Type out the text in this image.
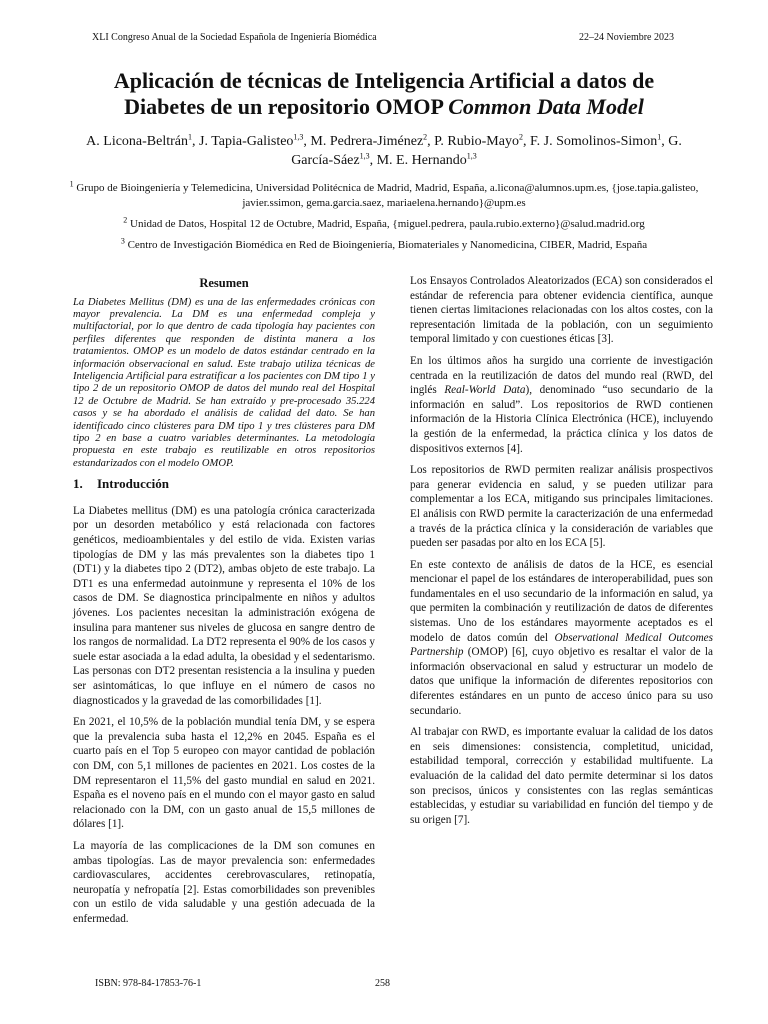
XLI Congreso Anual de la Sociedad Española de Ingeniería Biomédica	22–24 Noviembre 2023
Aplicación de técnicas de Inteligencia Artificial a datos de
Diabetes de un repositorio OMOP Common Data Model
A. Licona-Beltrán$^1$, J. Tapia-Galisteo$^{1,3}$, M. Pedrera-Jiménez$^2$, P. Rubio-Mayo$^2$, F. J. Somolinos-Simon$^1$, G. García-Sáez$^{1,3}$, M. E. Hernando$^{1,3}$

$^1$ Grupo de Bioingeniería y Telemedicina, Universidad Politécnica de Madrid, Madrid, España, a.licona@alumnos.upm.es, {jose.tapia.galisteo, javier.ssimon, gema.garcia.saez, mariaelena.hernando}@upm.es

$^2$ Unidad de Datos, Hospital 12 de Octubre, Madrid, España, {miguel.pedrera, paula.rubio.externo}@salud.madrid.org

$^3$ Centro de Investigación Biomédica en Red de Bioingeniería, Biomateriales y Nanomedicina, CIBER, Madrid, España

Resumen

La Diabetes Mellitus (DM) es una de las enfermedades crónicas con mayor prevalencia. La DM es una enfermedad compleja y multifactorial, por lo que dentro de cada tipología hay pacientes con perfiles diferentes que responden de distinta manera a los tratamientos. OMOP es un modelo de datos estándar centrado en la información observacional en salud. Este trabajo utiliza técnicas de Inteligencia Artificial para estratificar a los pacientes con DM tipo 1 y tipo 2 de un repositorio OMOP de datos del mundo real del Hospital 12 de Octubre de Madrid. Se han extraído y pre-procesado 35.224 casos y se ha abordado el análisis de calidad del dato. Se han identificado cinco clústeres para DM tipo 1 y tres clústeres para DM tipo 2 en base a cuatro variables determinantes. La metodología propuesta en este trabajo es reutilizable en otros repositorios estandarizados con el modelo OMOP.

1. Introducción

La Diabetes mellitus (DM) es una patología crónica caracterizada por un desorden metabólico y está relacionada con factores genéticos, medioambientales y del estilo de vida. Existen varias tipologías de DM y las más prevalentes son la diabetes tipo 1 (DT1) y la diabetes tipo 2 (DT2), ambas objeto de este trabajo. La DT1 es una enfermedad autoinmune y representa el 10% de los casos de DM. Se diagnostica principalmente en niños y adultos jóvenes. Los pacientes necesitan la administración exógena de insulina para mantener sus niveles de glucosa en sangre dentro de los rangos de normalidad. La DT2 representa el 90% de los casos y suele estar asociada a la edad adulta, la obesidad y el sedentarismo. Las personas con DT2 presentan resistencia a la insulina y pueden ser asintomáticas, lo que influye en el número de casos no diagnosticados y la gravedad de las comorbilidades [1].

En 2021, el 10,5% de la población mundial tenía DM, y se espera que la prevalencia suba hasta el 12,2% en 2045. España es el cuarto país en el Top 5 europeo con mayor cantidad de población con DM, con 5,1 millones de pacientes en 2021. Los costes de la DM representaron el 11,5% del gasto mundial en salud en 2021. España es el noveno país en el mundo con el mayor gasto en salud relacionado con la DM, con un gasto anual de 15,5 millones de dólares [1].

La mayoría de las complicaciones de la DM son comunes en ambas tipologías. Las de mayor prevalencia son: enfermedades cardiovasculares, accidentes cerebrovasculares, retinopatía, neuropatía y nefropatía [2]. Estas comorbilidades son prevenibles con un estilo de vida saludable y una gestión adecuada de la enfermedad.

Los Ensayos Controlados Aleatorizados (ECA) son considerados el estándar de referencia para obtener evidencia científica, aunque tienen ciertas limitaciones relacionadas con los altos costes, con la representación limitada de la población, con un seguimiento temporal limitado y con cuestiones éticas [3].

En los últimos años ha surgido una corriente de investigación centrada en la reutilización de datos del mundo real (RWD, del inglés Real-World Data), denominado “uso secundario de la información en salud”. Los repositorios de RWD contienen información de la Historia Clínica Electrónica (HCE), incluyendo la gestión de la enfermedad, la práctica clínica y los datos de dispositivos externos [4].

Los repositorios de RWD permiten realizar análisis prospectivos para generar evidencia en salud, y se pueden utilizar para complementar a los ECA, mitigando sus principales limitaciones. El análisis con RWD permite la caracterización de una enfermedad a través de la práctica clínica y la consideración de variables que pueden ser pasadas por alto en los ECA [5].

En este contexto de análisis de datos de la HCE, es esencial mencionar el papel de los estándares de interoperabilidad, pues son fundamentales en el uso secundario de la información en salud, ya que permiten la combinación y reutilización de datos de diferentes sistemas. Uno de los estándares mayormente aceptados es el modelo de datos común del Observational Medical Outcomes Partnership (OMOP) [6], cuyo objetivo es resaltar el valor de la información observacional en salud y estructurar un modelo de datos que unifique la información de diferentes repositorios con diferentes estándares en un punto de acceso único para su uso secundario.

Al trabajar con RWD, es importante evaluar la calidad de los datos en seis dimensiones: consistencia, completitud, unicidad, estabilidad temporal, corrección y estabilidad multifuente. La evaluación de la calidad del dato permite determinar si los datos son precisos, únicos y consistentes con las reglas semánticas establecidas, y estudiar su variabilidad en función del tiempo y de su origen [7].

ISBN: 978-84-17853-76-1	258
